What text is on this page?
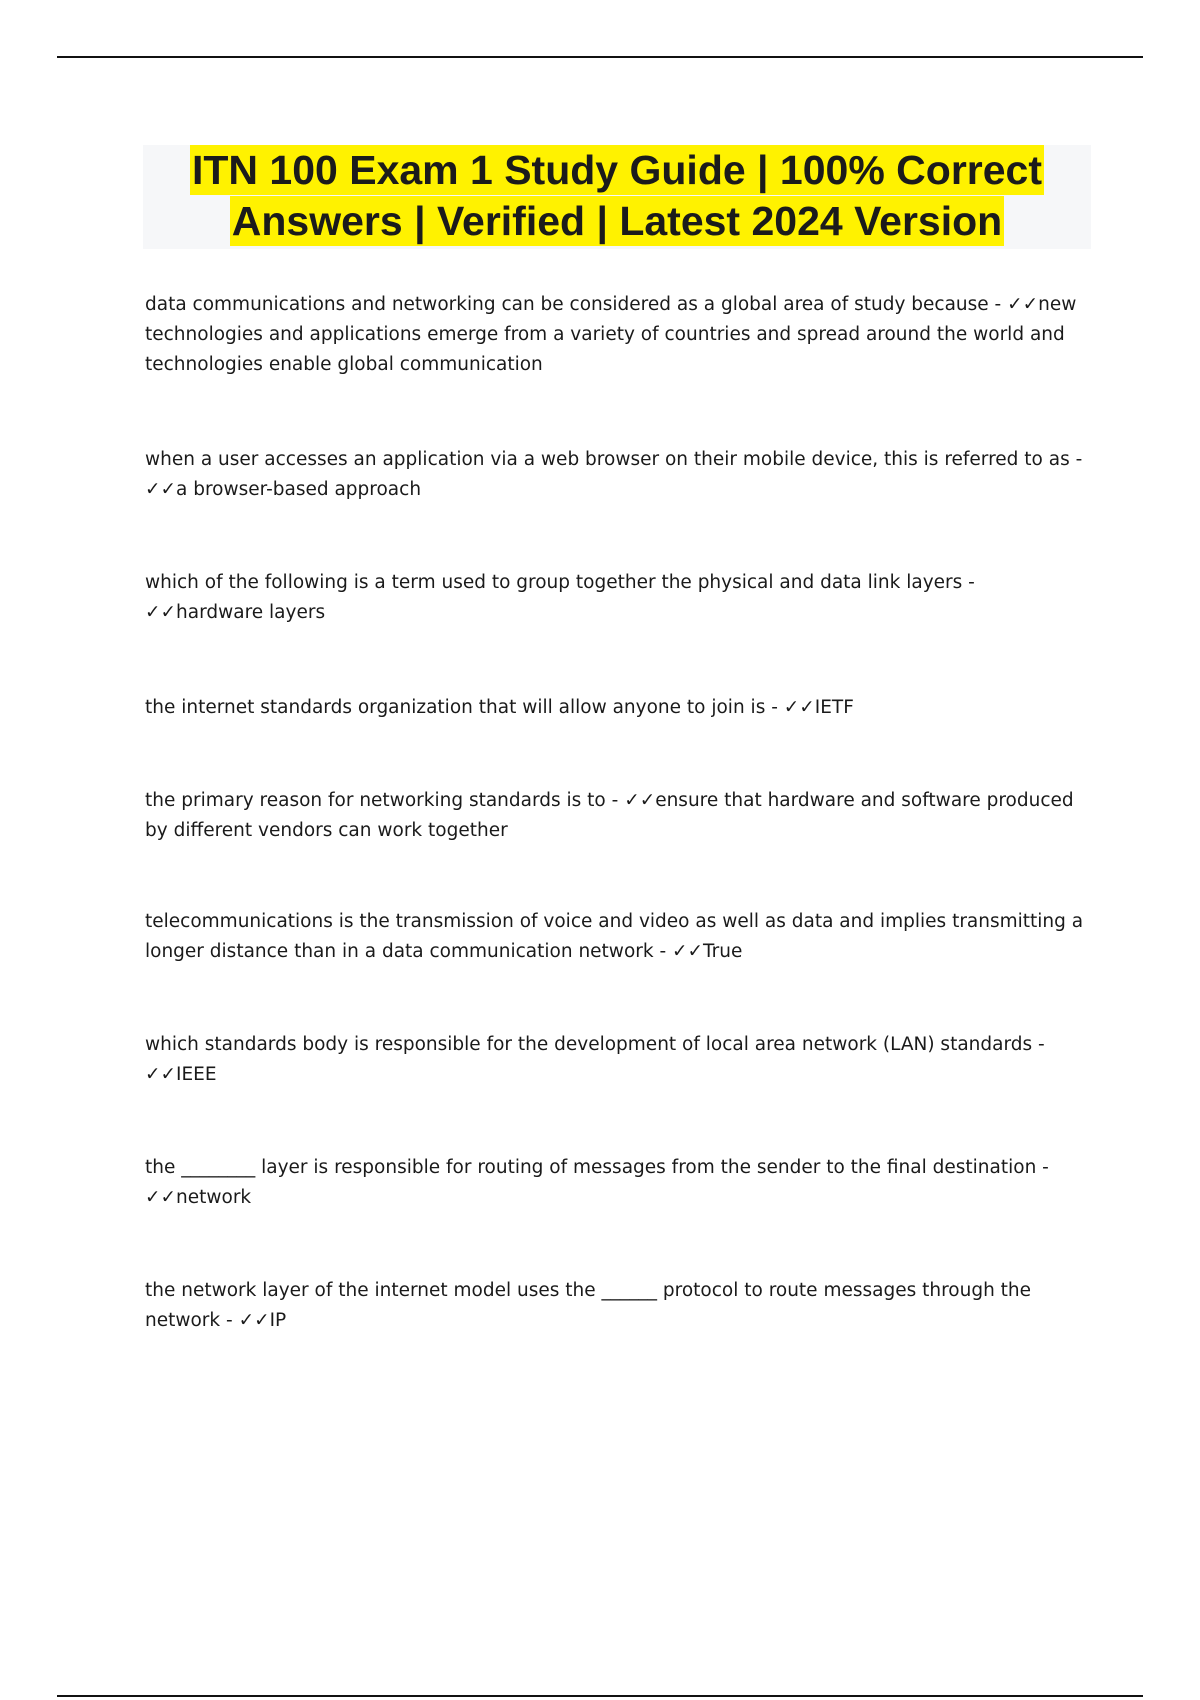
ITN 100 Exam 1 Study Guide | 100% Correct
Answers | Verified | Latest 2024 Version

data communications and networking can be considered as a global area of study because - ✓✓new technologies and applications emerge from a variety of countries and spread around the world and technologies enable global communication

when a user accesses an application via a web browser on their mobile device, this is referred to as - ✓✓a browser-based approach

which of the following is a term used to group together the physical and data link layers - ✓✓hardware layers

the internet standards organization that will allow anyone to join is - ✓✓IETF

the primary reason for networking standards is to - ✓✓ensure that hardware and software produced by different vendors can work together

telecommunications is the transmission of voice and video as well as data and implies transmitting a longer distance than in a data communication network - ✓✓True

which standards body is responsible for the development of local area network (LAN) standards - ✓✓IEEE

the ________ layer is responsible for routing of messages from the sender to the final destination - ✓✓network

the network layer of the internet model uses the ______ protocol to route messages through the network - ✓✓IP
